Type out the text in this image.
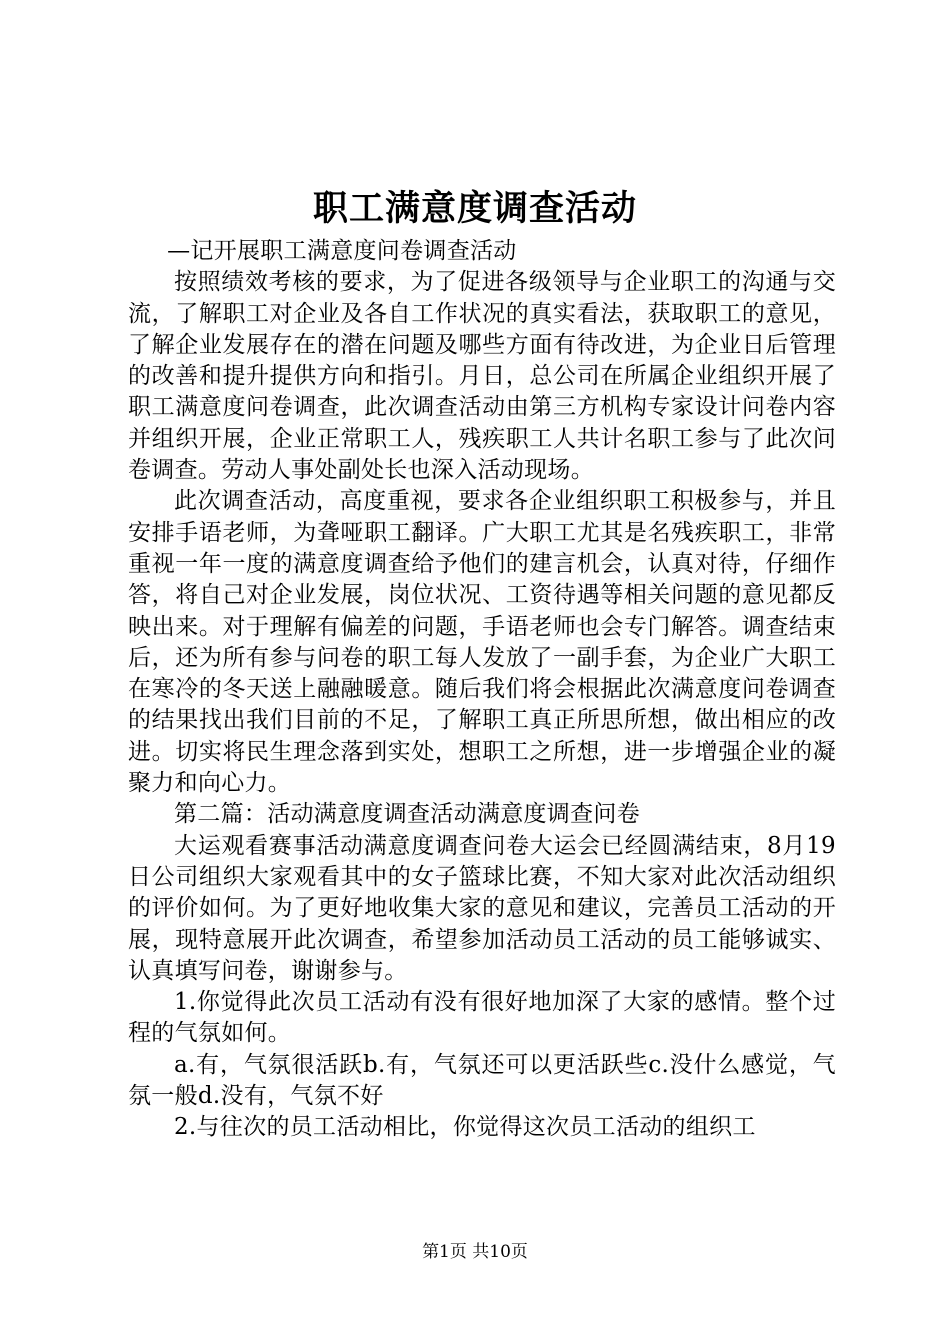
职工满意度调查活动

—记开展职工满意度问卷调查活动

按照绩效考核的要求，为了促进各级领导与企业职工的沟通与交流，了解职工对企业及各自工作状况的真实看法，获取职工的意见，了解企业发展存在的潜在问题及哪些方面有待改进，为企业日后管理的改善和提升提供方向和指引。月日，总公司在所属企业组织开展了职工满意度问卷调查，此次调查活动由第三方机构专家设计问卷内容并组织开展，企业正常职工人，残疾职工人共计名职工参与了此次问卷调查。劳动人事处副处长也深入活动现场。

此次调查活动，高度重视，要求各企业组织职工积极参与，并且安排手语老师，为聋哑职工翻译。广大职工尤其是名残疾职工，非常重视一年一度的满意度调查给予他们的建言机会，认真对待，仔细作答，将自己对企业发展，岗位状况、工资待遇等相关问题的意见都反映出来。对于理解有偏差的问题，手语老师也会专门解答。调查结束后，还为所有参与问卷的职工每人发放了一副手套，为企业广大职工在寒冷的冬天送上融融暖意。随后我们将会根据此次满意度问卷调查的结果找出我们目前的不足，了解职工真正所思所想，做出相应的改进。切实将民生理念落到实处，想职工之所想，进一步增强企业的凝聚力和向心力。

第二篇：活动满意度调查活动满意度调查问卷

大运观看赛事活动满意度调查问卷大运会已经圆满结束，8月19日公司组织大家观看其中的女子篮球比赛，不知大家对此次活动组织的评价如何。为了更好地收集大家的意见和建议，完善员工活动的开展，现特意展开此次调查，希望参加活动员工活动的员工能够诚实、认真填写问卷，谢谢参与。

1.你觉得此次员工活动有没有很好地加深了大家的感情。整个过程的气氛如何。

a.有，气氛很活跃b.有，气氛还可以更活跃些c.没什么感觉，气氛一般d.没有，气氛不好

2.与往次的员工活动相比，你觉得这次员工活动的组织工

第1页 共10页
